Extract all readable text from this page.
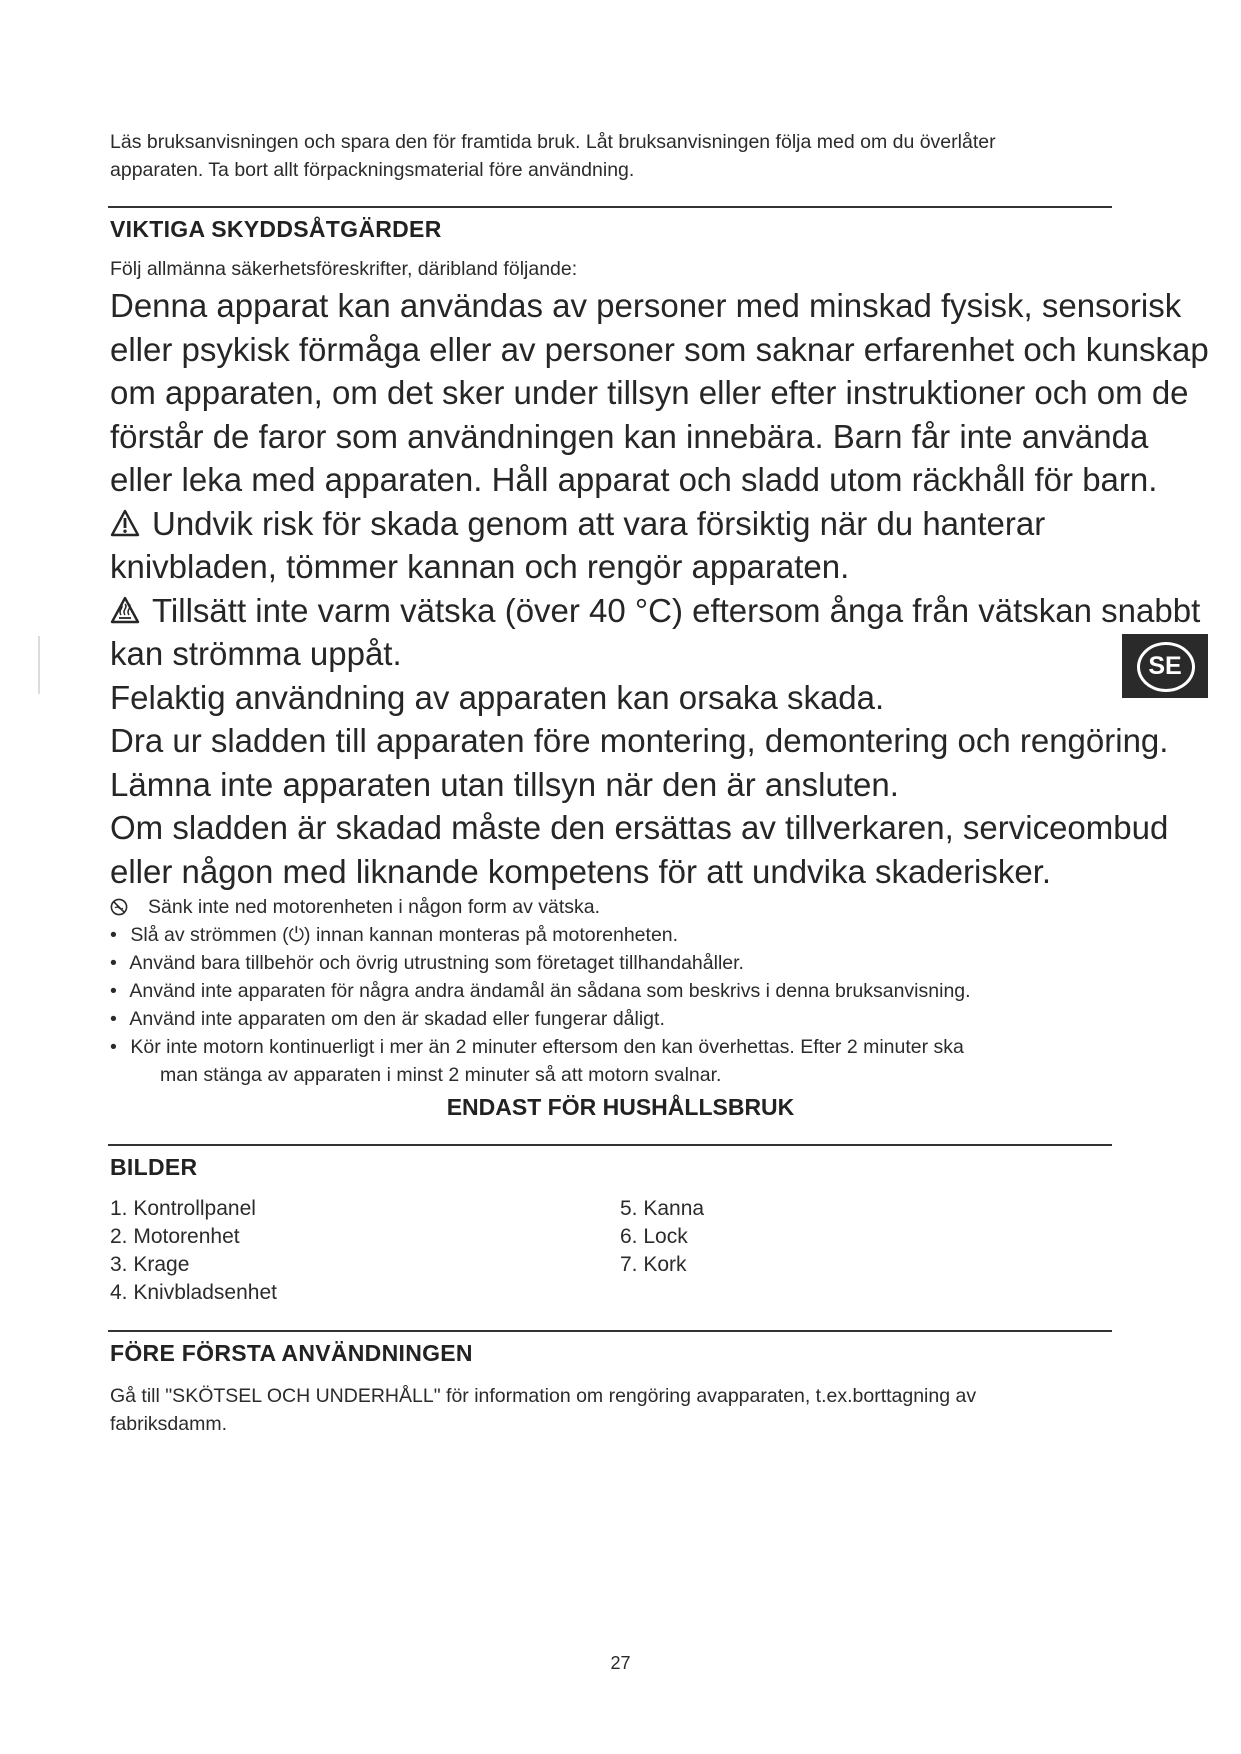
Läs bruksanvisningen och spara den för framtida bruk. Låt bruksanvisningen följa med om du överlåter
apparaten. Ta bort allt förpackningsmaterial före användning.

VIKTIGA SKYDDSÅTGÄRDER

Följ allmänna säkerhetsföreskrifter, däribland följande:

Denna apparat kan användas av personer med minskad fysisk, sensorisk
eller psykisk förmåga eller av personer som saknar erfarenhet och kunskap
om apparaten, om det sker under tillsyn eller efter instruktioner och om de
förstår de faror som användningen kan innebära. Barn får inte använda
eller leka med apparaten. Håll apparat och sladd utom räckhåll för barn.
Undvik risk för skada genom att vara försiktig när du hanterar
knivbladen, tömmer kannan och rengör apparaten.
Tillsätt inte varm vätska (över 40 °C) eftersom ånga från vätskan snabbt
kan strömma uppåt.
Felaktig användning av apparaten kan orsaka skada.
Dra ur sladden till apparaten före montering, demontering och rengöring.
Lämna inte apparaten utan tillsyn när den är ansluten.
Om sladden är skadad måste den ersättas av tillverkaren, serviceombud
eller någon med liknande kompetens för att undvika skaderisker.
Sänk inte ned motorenheten i någon form av vätska.
• Slå av strömmen (⏻) innan kannan monteras på motorenheten.
• Använd bara tillbehör och övrig utrustning som företaget tillhandahåller.
• Använd inte apparaten för några andra ändamål än sådana som beskrivs i denna bruksanvisning.
• Använd inte apparaten om den är skadad eller fungerar dåligt.
• Kör inte motorn kontinuerligt i mer än 2 minuter eftersom den kan överhettas. Efter 2 minuter ska
man stänga av apparaten i minst 2 minuter så att motorn svalnar.

ENDAST FÖR HUSHÅLLSBRUK

BILDER
1. Kontrollpanel
2. Motorenhet
3. Krage
4. Knivbladsenhet
5. Kanna
6. Lock
7. Kork
FÖRE FÖRSTA ANVÄNDNINGEN

Gå till "SKÖTSEL OCH UNDERHÅLL" för information om rengöring avapparaten, t.ex.borttagning av
fabriksdamm.

SE

27
